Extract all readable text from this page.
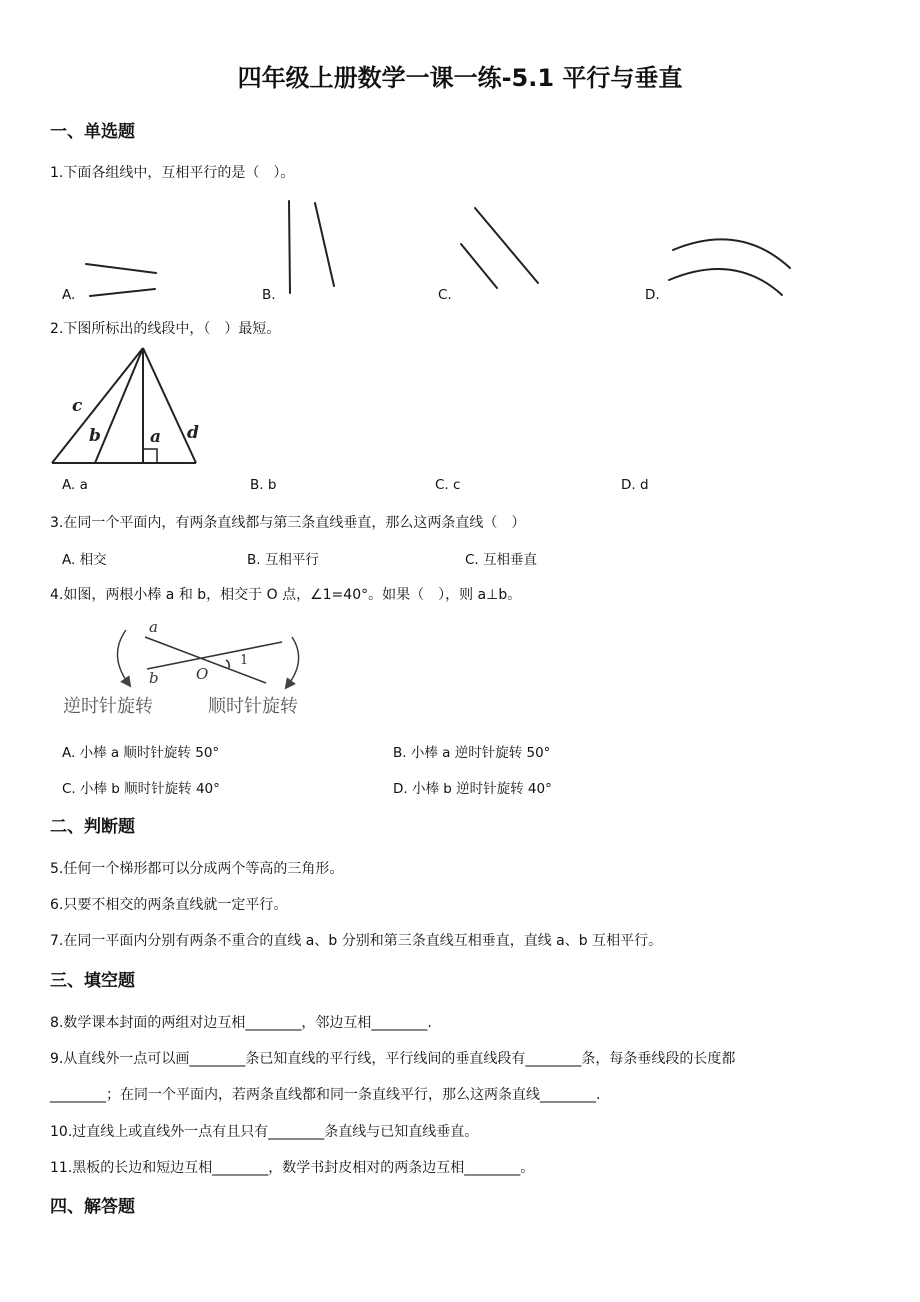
四年级上册数学一课一练-5.1 平行与垂直
一、单选题
1.下面各组线中，互相平行的是（　）。
A.	B.	C.	D.
2.下图所标出的线段中，（　）最短。
c
b	a d
A. a	B. b	C. c	D. d
3.在同一个平面内，有两条直线都与第三条直线垂直，那么这两条直线（　）
A. 相交	B. 互相平行	C. 互相垂直
4.如图，两根小棒 a 和 b，相交于 O 点，∠1=40°。如果（　），则 a⊥b。
a
b O
1
逆时针旋转	顺时针旋转
A. 小棒 a 顺时针旋转 50°	B. 小棒 a 逆时针旋转 50°
C. 小棒 b 顺时针旋转 40°	D. 小棒 b 逆时针旋转 40°
二、判断题
5.任何一个梯形都可以分成两个等高的三角形。
6.只要不相交的两条直线就一定平行。
7.在同一平面内分别有两条不重合的直线 a、b 分别和第三条直线互相垂直，直线 a、b 互相平行。
三、填空题
8.数学课本封面的两组对边互相________，邻边互相________.
9.从直线外一点可以画________条已知直线的平行线，平行线间的垂直线段有________条，每条垂线段的长度都
________；在同一个平面内，若两条直线都和同一条直线平行，那么这两条直线________.
10.过直线上或直线外一点有且只有________条直线与已知直线垂直。
11.黑板的长边和短边互相________，数学书封皮相对的两条边互相________。
四、解答题
